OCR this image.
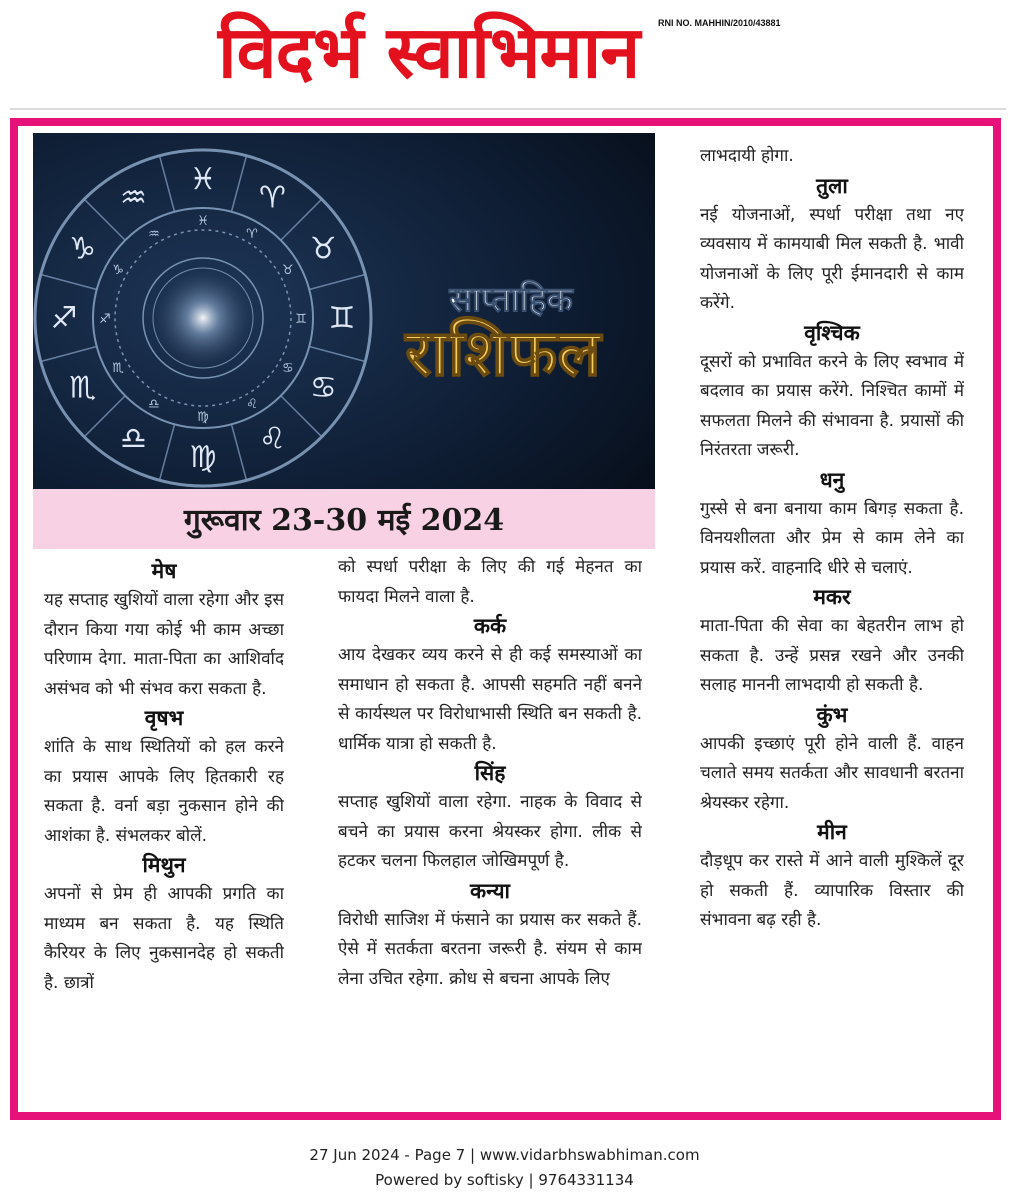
विदर्भ स्वाभिमान RNI NO. MAHHIN/2010/43881
♈
♉
♊
♋
♌
♍
♎
♏
♐
♑
♒
♓
♈
♉
♊
♋
♌
♍
♎
♏
♐
♑
♒
♓
साप्ताहिक
राशिफल
गुरूवार 23-30 मई 2024
मेष

यह सप्ताह खुशियों वाला रहेगा और इस दौरान किया गया कोई भी काम अच्छा परिणाम देगा. माता-पिता का आशिर्वाद असंभव को भी संभव करा सकता है.

वृषभ

शांति के साथ स्थितियों को हल करने का प्रयास आपके लिए हितकारी रह सकता है. वर्ना बड़ा नुकसान होने की आशंका है. संभलकर बोलें.

मिथुन

अपनों से प्रेम ही आपकी प्रगति का माध्यम बन सकता है. यह स्थिति कैरियर के लिए नुकसानदेह हो सकती है. छात्रों

को स्पर्धा परीक्षा के लिए की गई मेहनत का फायदा मिलने वाला है.

कर्क

आय देखकर व्यय करने से ही कई समस्याओं का समाधान हो सकता है. आपसी सहमति नहीं बनने से कार्यस्थल पर विरोधाभासी स्थिति बन सकती है. धार्मिक यात्रा हो सकती है.

सिंह

सप्ताह खुशियों वाला रहेगा. नाहक के विवाद से बचने का प्रयास करना श्रेयस्कर होगा. लीक से हटकर चलना फिलहाल जोखिमपूर्ण है.

कन्या

विरोधी साजिश में फंसाने का प्रयास कर सकते हैं. ऐसे में सतर्कता बरतना जरूरी है. संयम से काम लेना उचित रहेगा. क्रोध से बचना आपके लिए

लाभदायी होगा.

तुला

नई योजनाओं, स्पर्धा परीक्षा तथा नए व्यवसाय में कामयाबी मिल सकती है. भावी योजनाओं के लिए पूरी ईमानदारी से काम करेंगे.

वृश्चिक

दूसरों को प्रभावित करने के लिए स्वभाव में बदलाव का प्रयास करेंगे. निश्चित कामों में सफलता मिलने की संभावना है. प्रयासों की निरंतरता जरूरी.

धनु

गुस्से से बना बनाया काम बिगड़ सकता है. विनयशीलता और प्रेम से काम लेने का प्रयास करें. वाहनादि धीरे से चलाएं.

मकर

माता-पिता की सेवा का बेहतरीन लाभ हो सकता है. उन्हें प्रसन्न रखने और उनकी सलाह माननी लाभदायी हो सकती है.

कुंभ

आपकी इच्छाएं पूरी होने वाली हैं. वाहन चलाते समय सतर्कता और सावधानी बरतना श्रेयस्कर रहेगा.

मीन

दौड़धूप कर रास्ते में आने वाली मुश्किलें दूर हो सकती हैं. व्यापारिक विस्तार की संभावना बढ़ रही है.

27 Jun 2024 - Page 7 | www.vidarbhswabhiman.com
Powered by softisky | 9764331134
